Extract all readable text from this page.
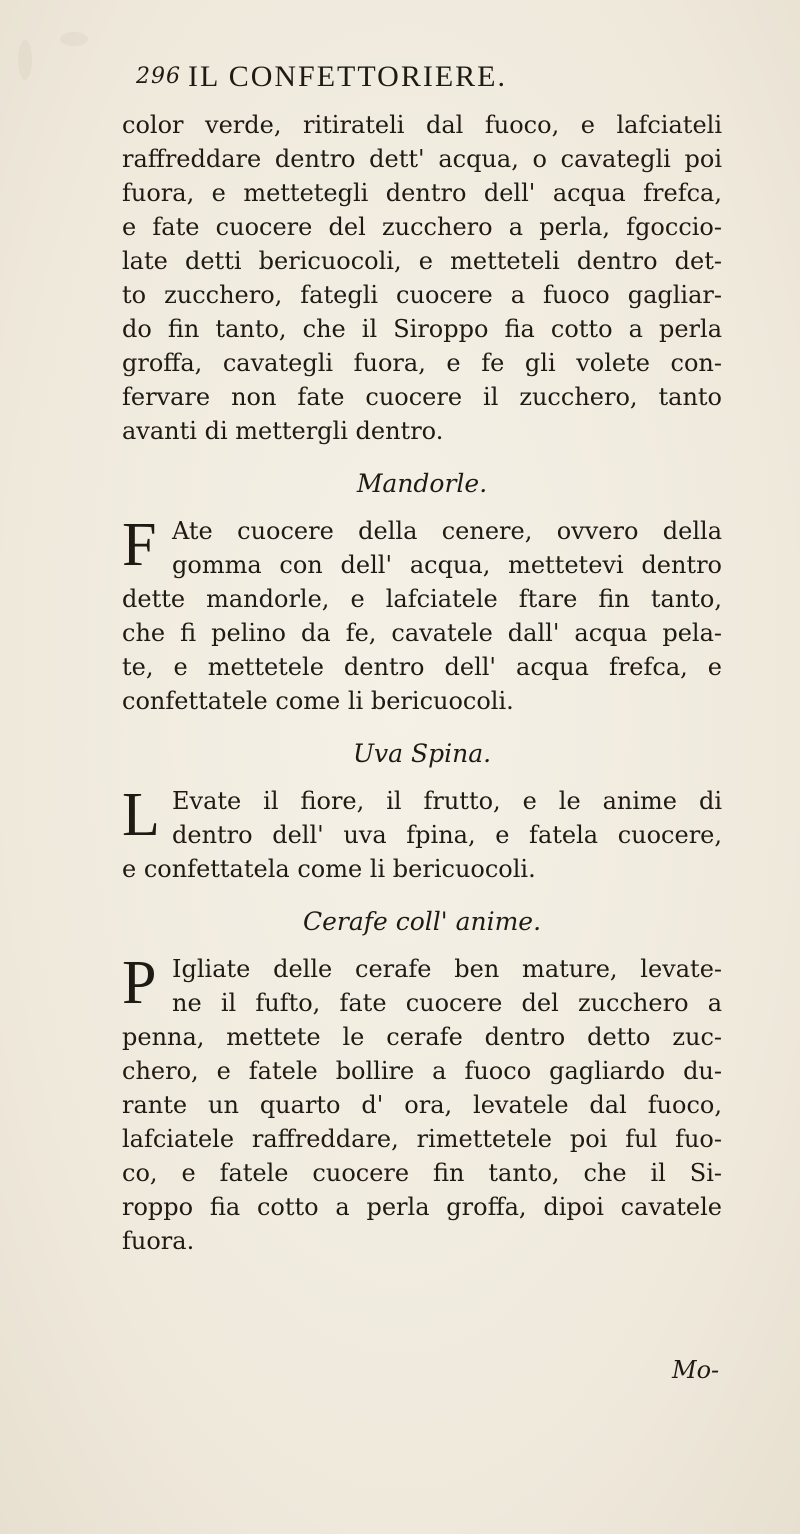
296 IL CONFETTORIERE.
color verde, ritirateli dal fuoco, e lafciateli
raffreddare dentro dett' acqua, o cavategli poi
fuora, e mettetegli dentro dell' acqua frefca,
e fate cuocere del zucchero a perla, fgoccio-
late detti bericuocoli, e metteteli dentro det-
to zucchero, fategli cuocere a fuoco gagliar-
do fin tanto, che il Siroppo fia cotto a perla
groffa, cavategli fuora, e fe gli volete con-
fervare non fate cuocere il zucchero, tanto
avanti di mettergli dentro.
Mandorle.
F Ate cuocere della cenere, ovvero della
gomma con dell' acqua, mettetevi dentro
dette mandorle, e lafciatele ftare fin tanto,
che fi pelino da fe, cavatele dall' acqua pela-
te, e mettetele dentro dell' acqua frefca, e
confettatele come li bericuocoli.
Uva Spina.
L Evate il fiore, il frutto, e le anime di
dentro dell' uva fpina, e fatela cuocere,
e confettatela come li bericuocoli.
Cerafe coll' anime.
P Igliate delle cerafe ben mature, levate-
ne il fufto, fate cuocere del zucchero a
penna, mettete le cerafe dentro detto zuc-
chero, e fatele bollire a fuoco gagliardo du-
rante un quarto d' ora, levatele dal fuoco,
lafciatele raffreddare, rimettetele poi ful fuo-
co, e fatele cuocere fin tanto, che il Si-
roppo fia cotto a perla groffa, dipoi cavatele
fuora.
Mo-
